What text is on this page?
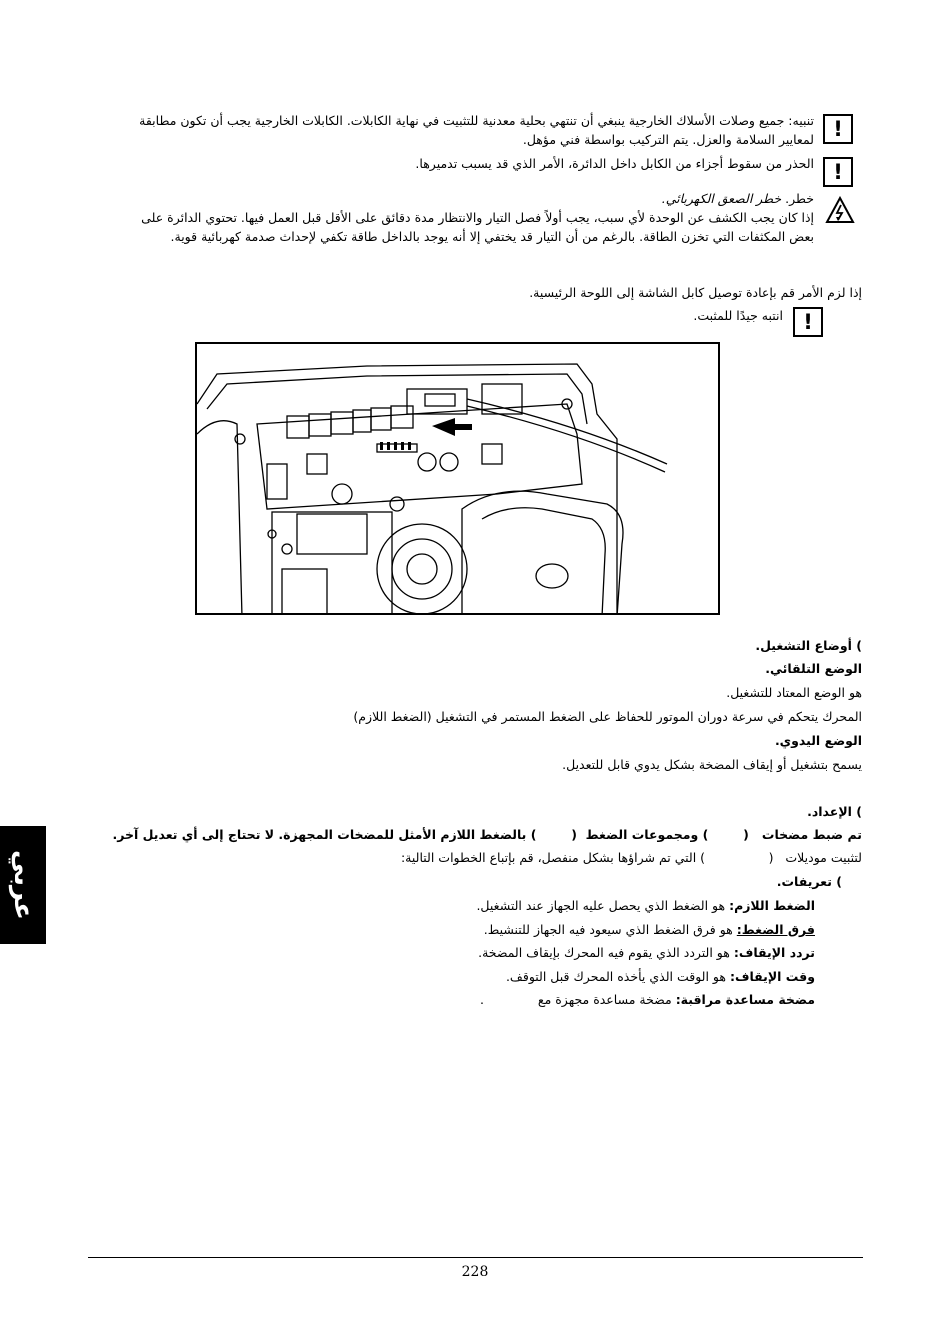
!
تنبيه: جميع وصلات الأسلاك الخارجية ينبغي أن تنتهي بحلية معدنية للتثبيت في نهاية الكابلات. الكابلات الخارجية يجب أن تكون مطابقة
لمعايير السلامة والعزل. يتم التركيب بواسطة فني مؤهل.
!
الحذر من سقوط أجزاء من الكابل داخل الدائرة، الأمر الذي قد يسبب تدميرها.
خطر. خطر الصعق الكهربائي.
إذا كان يجب الكشف عن الوحدة لأي سبب، يجب أولاً فصل التيار والانتظار مدة دقائق على الأقل قبل العمل فيها. تحتوي الدائرة على
بعض المكثفات التي تخزن الطاقة. بالرغم من أن التيار قد يختفي إلا أنه يوجد بالداخل طاقة تكفي لإحداث صدمة كهربائية قوية.
إذا لزم الأمر قم بإعادة توصيل كابل الشاشة إلى اللوحة الرئيسية.
!
انتبه جيدًا للمثبت.
) أوضاع التشغيل.
الوضع التلقائي.
هو الوضع المعتاد للتشغيل.
المحرك يتحكم في سرعة دوران الموتور للحفاظ على الضغط المستمر في التشغيل (الضغط اللازم)
الوضع اليدوي.
يسمح بتشغيل أو إيقاف المضخة بشكل يدوي قابل للتعديل.
) الإعداد.
تم ضبط مضخات   (        ) ومجموعات الضغط  (        ) بالضغط اللازم الأمثل للمضخات المجهزة. لا تحتاج إلى أي تعديل آخر.
لتثبيت موديلات   (                ) التي تم شراؤها بشكل منفصل، قم بإتباع الخطوات التالية:
) تعريفات.
الضغط اللازم: هو الضغط الذي يحصل عليه الجهاز عند التشغيل.
فرق الضغط: هو فرق الضغط الذي سيعود فيه الجهاز للتنشيط.
تردد الإيقاف: هو التردد الذي يقوم فيه المحرك بإيقاف المضخة.
وقت الإيقاف: هو الوقت الذي يأخذه المحرك قبل التوقف.
مضخة مساعدة مراقبة: مضخة مساعدة مجهزة مع
.
عربي
228
